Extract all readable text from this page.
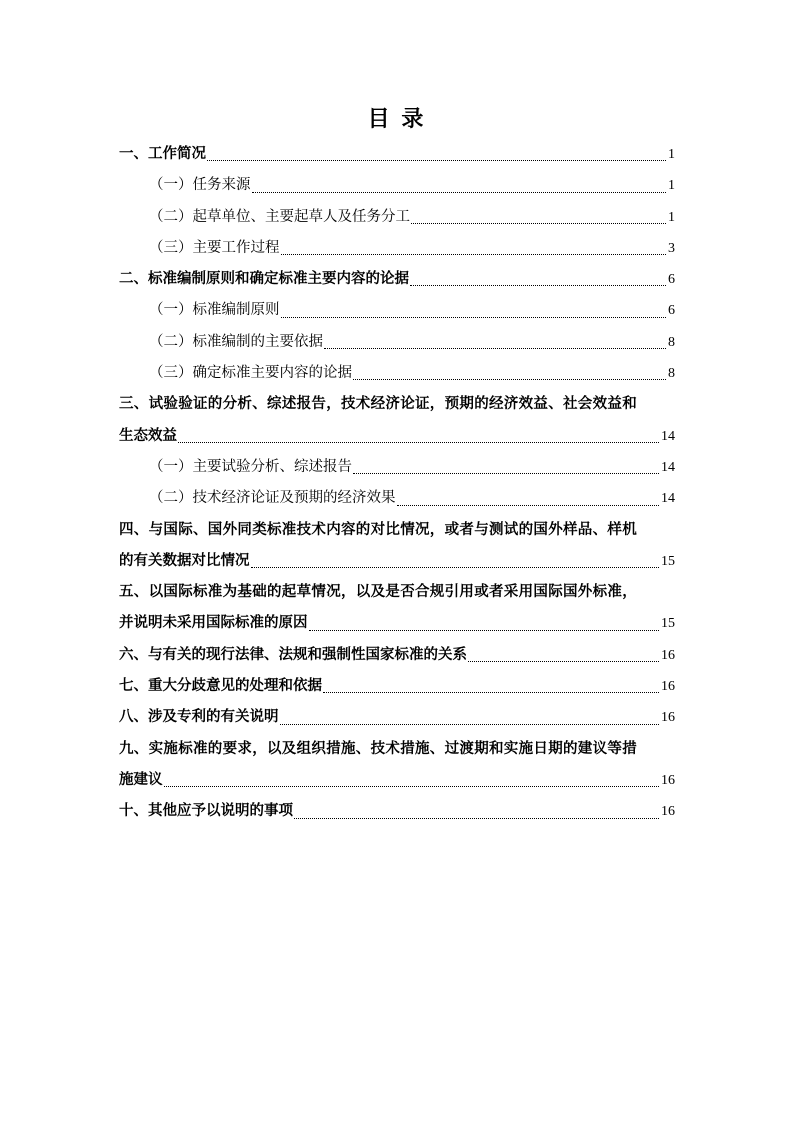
目 录
一、工作简况	1
（一）任务来源	1
（二）起草单位、主要起草人及任务分工	1
（三）主要工作过程	3
二、标准编制原则和确定标准主要内容的论据	6
（一）标准编制原则	6
（二）标准编制的主要依据	8
（三）确定标准主要内容的论据	8
三、试验验证的分析、综述报告，技术经济论证，预期的经济效益、社会效益和
生态效益	14
（一）主要试验分析、综述报告	14
（二）技术经济论证及预期的经济效果	14
四、与国际、国外同类标准技术内容的对比情况，或者与测试的国外样品、样机
的有关数据对比情况	15
五、以国际标准为基础的起草情况，以及是否合规引用或者采用国际国外标准，
并说明未采用国际标准的原因	15
六、与有关的现行法律、法规和强制性国家标准的关系	16
七、重大分歧意见的处理和依据	16
八、涉及专利的有关说明	16
九、实施标准的要求，以及组织措施、技术措施、过渡期和实施日期的建议等措
施建议	16
十、其他应予以说明的事项	16
